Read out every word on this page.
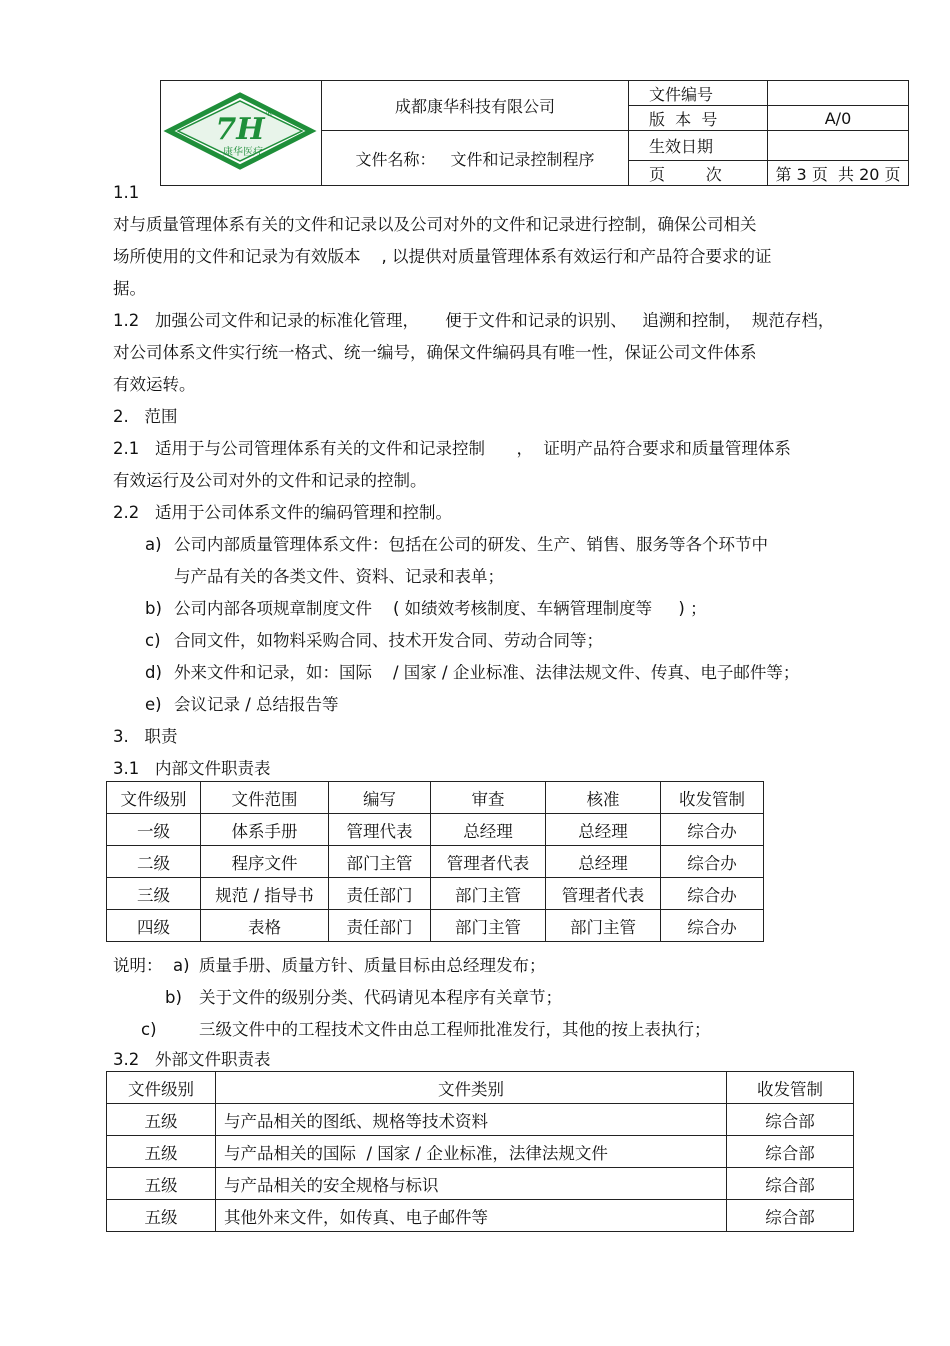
7H ®
康华医疗	成都康华科技有限公司	文件编号	
		版  本  号	A/0
	文件名称： 文件和记录控制程序	生效日期	
		页        次	第 3 页  共 20 页
1.1
对与质量管理体系有关的文件和记录以及公司对外的文件和记录进行控制，确保公司相关
场所使用的文件和记录为有效版本    , 以提供对质量管理体系有效运行和产品符合要求的证
据。
1.2   加强公司文件和记录的标准化管理，     便于文件和记录的识别、   追溯和控制，  规范存档，
对公司体系文件实行统一格式、统一编号，确保文件编码具有唯一性，保证公司文件体系
有效运转。
2.   范围
2.1   适用于与公司管理体系有关的文件和记录控制      ，  证明产品符合要求和质量管理体系
有效运行及公司对外的文件和记录的控制。
2.2   适用于公司体系文件的编码管理和控制。
a) 公司内部质量管理体系文件：包括在公司的研发、生产、销售、服务等各个环节中
与产品有关的各类文件、资料、记录和表单；
b) 公司内部各项规章制度文件    ( 如绩效考核制度、车辆管理制度等     ) ；
c) 合同文件，如物料采购合同、技术开发合同、劳动合同等；
d) 外来文件和记录，如：国际    / 国家 / 企业标准、法律法规文件、传真、电子邮件等；
e) 会议记录 / 总结报告等
3.   职责
3.1   内部文件职责表
文件级别	文件范围	编写	审查	核准	收发管制
一级	体系手册	管理代表	总经理	总经理	综合办
二级	程序文件	部门主管	管理者代表	总经理	综合办
三级	规范 / 指导书	责任部门	部门主管	管理者代表	综合办
四级	表格	责任部门	部门主管	部门主管	综合办
说明：  a) 质量手册、质量方针、质量目标由总经理发布；
b) 关于文件的级别分类、代码请见本程序有关章节；
c)	三级文件中的工程技术文件由总工程师批准发行，其他的按上表执行；
3.2   外部文件职责表
文件级别	文件类别	收发管制
五级	与产品相关的图纸、规格等技术资料	综合部
五级	与产品相关的国际  / 国家 / 企业标准，法律法规文件	综合部
五级	与产品相关的安全规格与标识	综合部
五级	其他外来文件，如传真、电子邮件等	综合部
